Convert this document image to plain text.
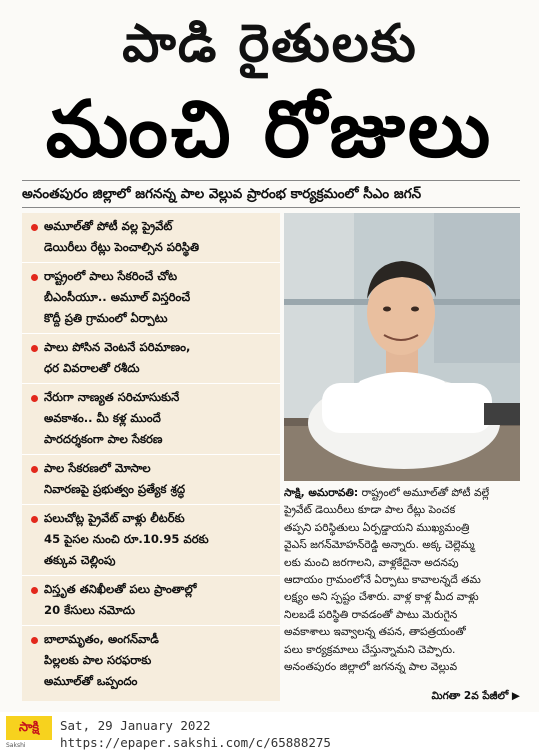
పాడి రైతులకు
మంచి రోజులు
అనంతపురం జిల్లాలో జగనన్న పాల వెల్లువ ప్రారంభ కార్యక్రమంలో సీఎం జగన్
అమూల్‌తో పోటీ వల్ల ప్రైవేట్
డెయిరీలు రేట్లు పెంచాల్సిన పరిస్థితి
రాష్ట్రంలో పాలు సేకరించే చోట
బీఎంసీయూ.. అమూల్ విస్తరించే
కొద్దీ ప్రతి గ్రామంలో ఏర్పాటు
పాలు పోసిన వెంటనే పరిమాణం,
ధర వివరాలతో రశీదు
నేరుగా నాణ్యత సరిచూసుకునే
అవకాశం.. మీ కళ్ల ముందే
పారదర్శకంగా పాల సేకరణ
పాల సేకరణలో మోసాల
నివారణపై ప్రభుత్వం ప్రత్యేక శ్రద్ధ
పలుచోట్ల ప్రైవేట్ వాళ్లు లీటర్‌కు
45 పైసల నుంచి రూ.10.95 వరకు
తక్కువ చెల్లింపు
విస్తృత తనిఖీలతో పలు ప్రాంతాల్లో
20 కేసులు నమోదు
బాలామృతం, అంగన్‌వాడీ
పిల్లలకు పాల సరఫరాకు
అమూల్‌తో ఒప్పందం
సాక్షి, అమరావతి: రాష్ట్రంలో అమూల్‌తో పోటీ వల్లే
ప్రైవేట్ డెయిరీలు కూడా పాల రేట్లు పెంచక
తప్పని పరిస్థితులు ఏర్పడ్డాయని ముఖ్యమంత్రి
వైఎస్ జగన్‌మోహన్‌రెడ్డి అన్నారు. అక్క చెల్లెమ్మ
లకు మంచి జరగాలని, వాళ్లకేదైనా అదనపు
ఆదాయం గ్రామంలోనే ఏర్పాటు కావాలన్నదే తమ
లక్ష్యం అని స్పష్టం చేశారు. వాళ్ల కాళ్ల మీద వాళ్లు
నిలబడే పరిస్థితి రావడంతో పాటు మెరుగైన
అవకాశాలు ఇవ్వాలన్న తపన, తాపత్రయంతో
పలు కార్యక్రమాలు చేస్తున్నామని చెప్పారు.
అనంతపురం జిల్లాలో జగనన్న పాల వెల్లువ
మిగతా 2వ పేజీలో ▶
సాక్షి
Sakshi
Sat, 29 January 2022
https://epaper.sakshi.com/c/65888275
